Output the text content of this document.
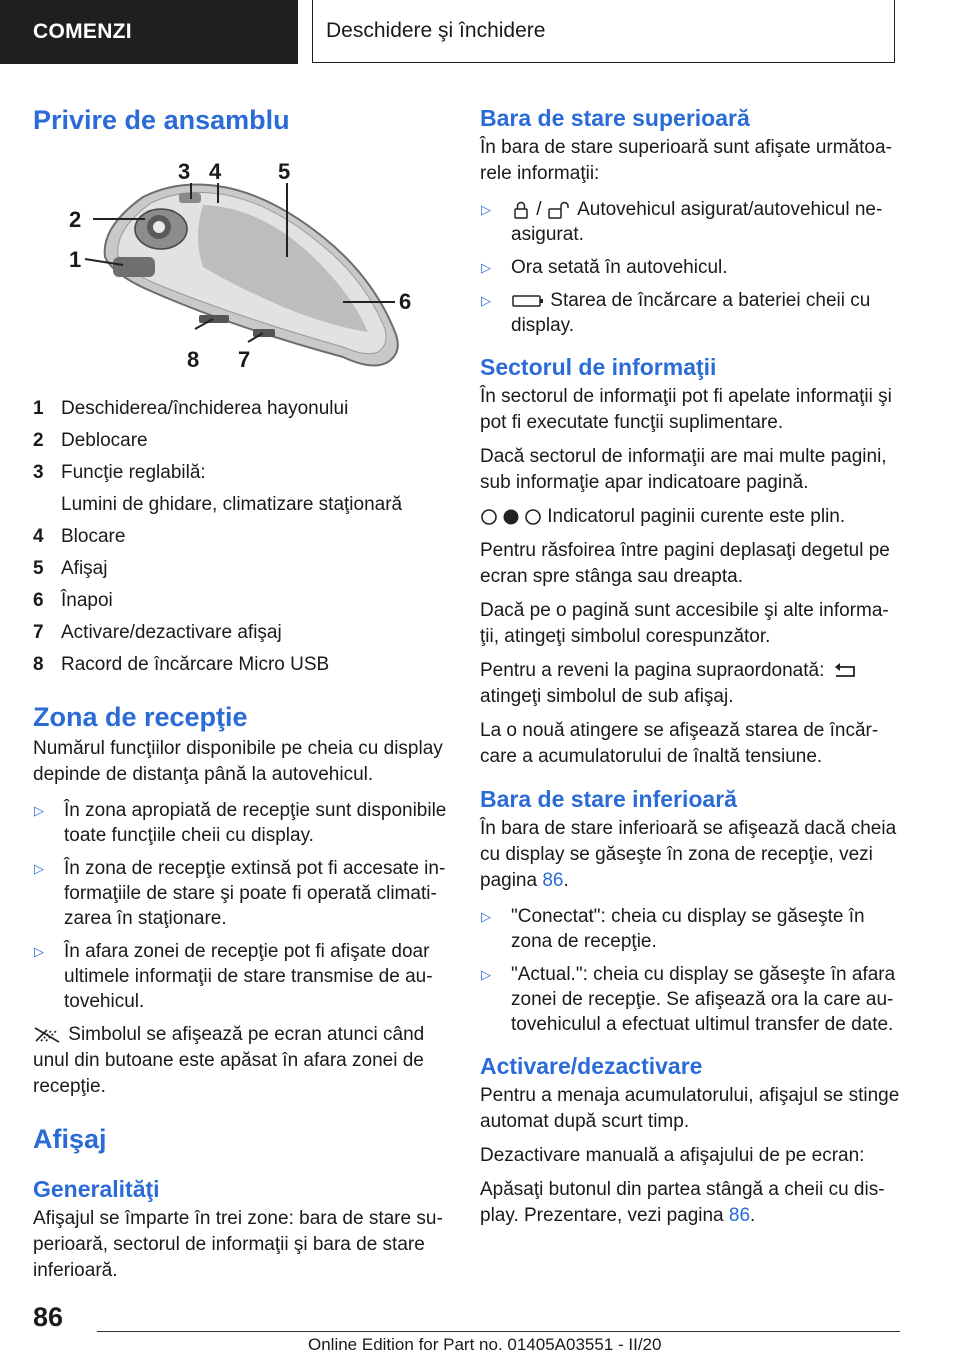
COMENZI	Deschidere şi închidere
Privire de ansamblu
1
2
3 4	5
6
7
8
1 Deschiderea/închiderea hayonului
2 Deblocare
3 Funcţie reglabilă:
Lumini de ghidare, climatizare staţionară
4 Blocare
5 Afişaj
6 Înapoi
7 Activare/dezactivare afişaj
8 Racord de încărcare Micro USB
Zona de recepţie

Numărul funcţiilor disponibile pe cheia cu display depinde de distanţa până la autovehicul.

▷	În zona apropiată de recepţie sunt disponibile toate funcţiile cheii cu display.
▷	În zona de recepţie extinsă pot fi accesate informaţiile de stare şi poate fi operată climatizarea în staţionare.
▷	În afara zonei de recepţie pot fi afişate doar ultimele informaţii de stare transmise de autovehicul.

Simbolul se afişează pe ecran atunci când unul din butoane este apăsat în afara zonei de recepţie.

Afişaj
Generalităţi

Afişajul se împarte în trei zone: bara de stare superioară, sectorul de informaţii şi bara de stare inferioară.

Bara de stare superioară

În bara de stare superioară sunt afişate următoarele informaţii:

▷	/ Autovehicul asigurat/autovehicul neasigurat.
▷	Ora setată în autovehicul.
▷	Starea de încărcare a bateriei cheii cu display.
Sectorul de informaţii

În sectorul de informaţii pot fi apelate informaţii şi pot fi executate funcţii suplimentare.

Dacă sectorul de informaţii are mai multe pagini, sub informaţie apar indicatoare pagină.

Indicatorul paginii curente este plin.

Pentru răsfoirea între pagini deplasaţi degetul pe ecran spre stânga sau dreapta.

Dacă pe o pagină sunt accesibile şi alte informaţii, atingeţi simbolul corespunzător.

Pentru a reveni la pagina supraordonată:
atingeţi simbolul de sub afişaj.

La o nouă atingere se afişează starea de încărcare a acumulatorului de înaltă tensiune.

Bara de stare inferioară

În bara de stare inferioară se afişează dacă cheia cu display se găseşte în zona de recepţie, vezi pagina 86.

▷	"Conectat": cheia cu display se găseşte în zona de recepţie.
▷	"Actual.": cheia cu display se găseşte în afara zonei de recepţie. Se afişează ora la care autovehiculul a efectuat ultimul transfer de date.
Activare/dezactivare

Pentru a menaja acumulatorului, afişajul se stinge automat după scurt timp.

Dezactivare manuală a afişajului de pe ecran:

Apăsaţi butonul din partea stângă a cheii cu display. Prezentare, vezi pagina 86.

86
Online Edition for Part no. 01405A03551 - II/20
